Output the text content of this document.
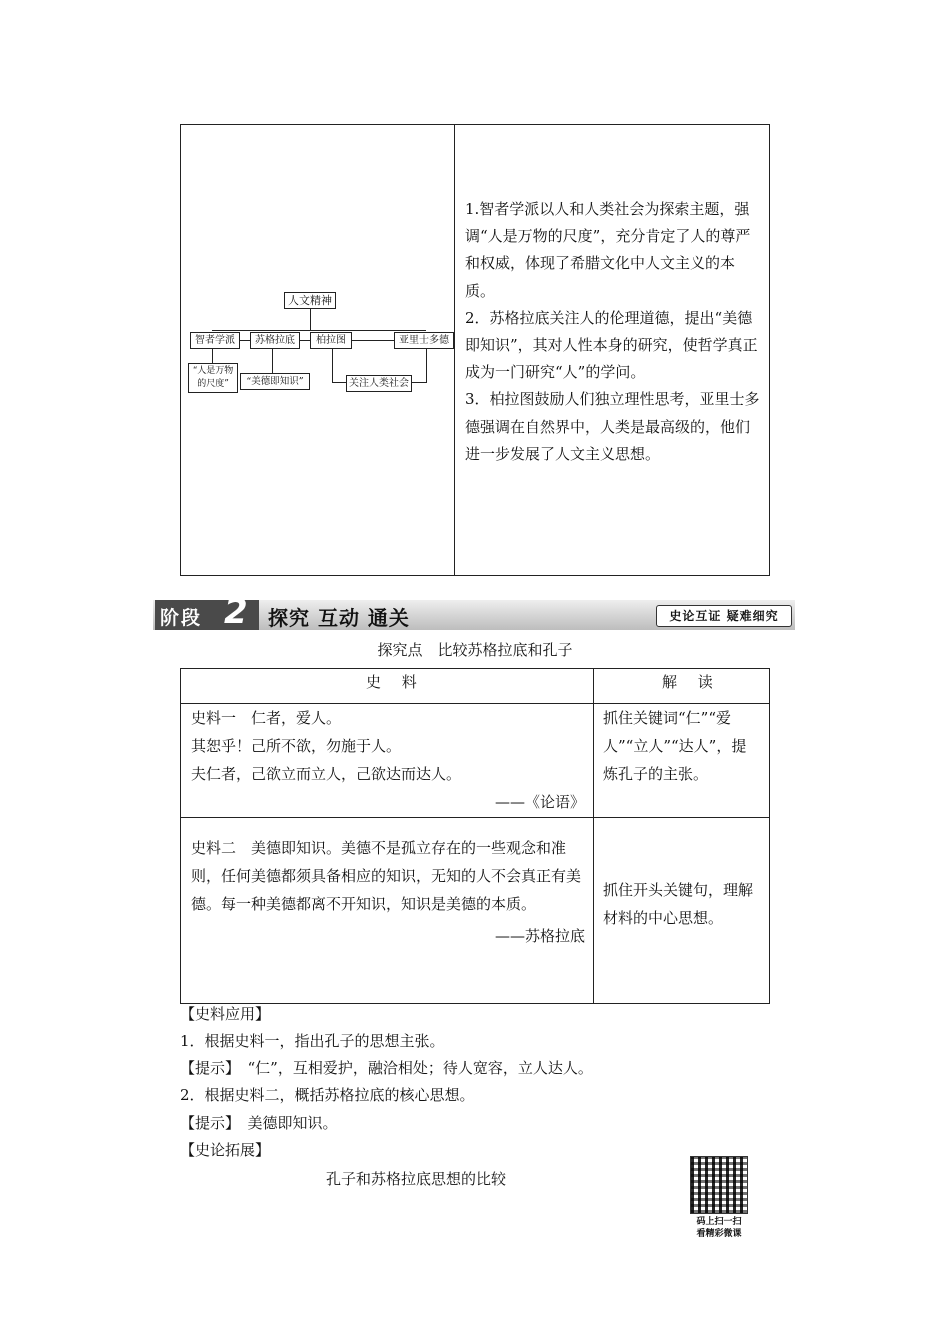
人文精神
智者学派	苏格拉底	柏拉图	亚里士多德
“人是万物的尺度”	“美德即知识”	关注人类社会

1.智者学派以人和人类社会为探索主题，强调“人是万物的尺度”，充分肯定了人的尊严和权威，体现了希腊文化中人文主义的本质。

2．苏格拉底关注人的伦理道德，提出“美德即知识”，其对人性本身的研究，使哲学真正成为一门研究“人”的学问。

3．柏拉图鼓励人们独立理性思考，亚里士多德强调在自然界中，人类是最高级的，他们进一步发展了人文主义思想。

阶段 2 探究 互动 通关	史论互证 疑难细究
探究点　比较苏格拉底和孔子
史 料	解 读

史料一　仁者，爱人。

其恕乎！己所不欲，勿施于人。

夫仁者，己欲立而立人，己欲达而达人。

——《论语》

抓住关键词“仁”“爱人”“立人”“达人”，提炼孔子的主张。

史料二　美德即知识。美德不是孤立存在的一些观念和准则，任何美德都须具备相应的知识，无知的人不会真正有美德。每一种美德都离不开知识，知识是美德的本质。

——苏格拉底

抓住开头关键句，理解材料的中心思想。
【史料应用】
1．根据史料一，指出孔子的思想主张。
【提示】　“仁”，互相爱护，融洽相处；待人宽容，立人达人。
2．根据史料二，概括苏格拉底的核心思想。
【提示】　美德即知识。
【史论拓展】
孔子和苏格拉底思想的比较
码上扫一扫
看精彩微课
